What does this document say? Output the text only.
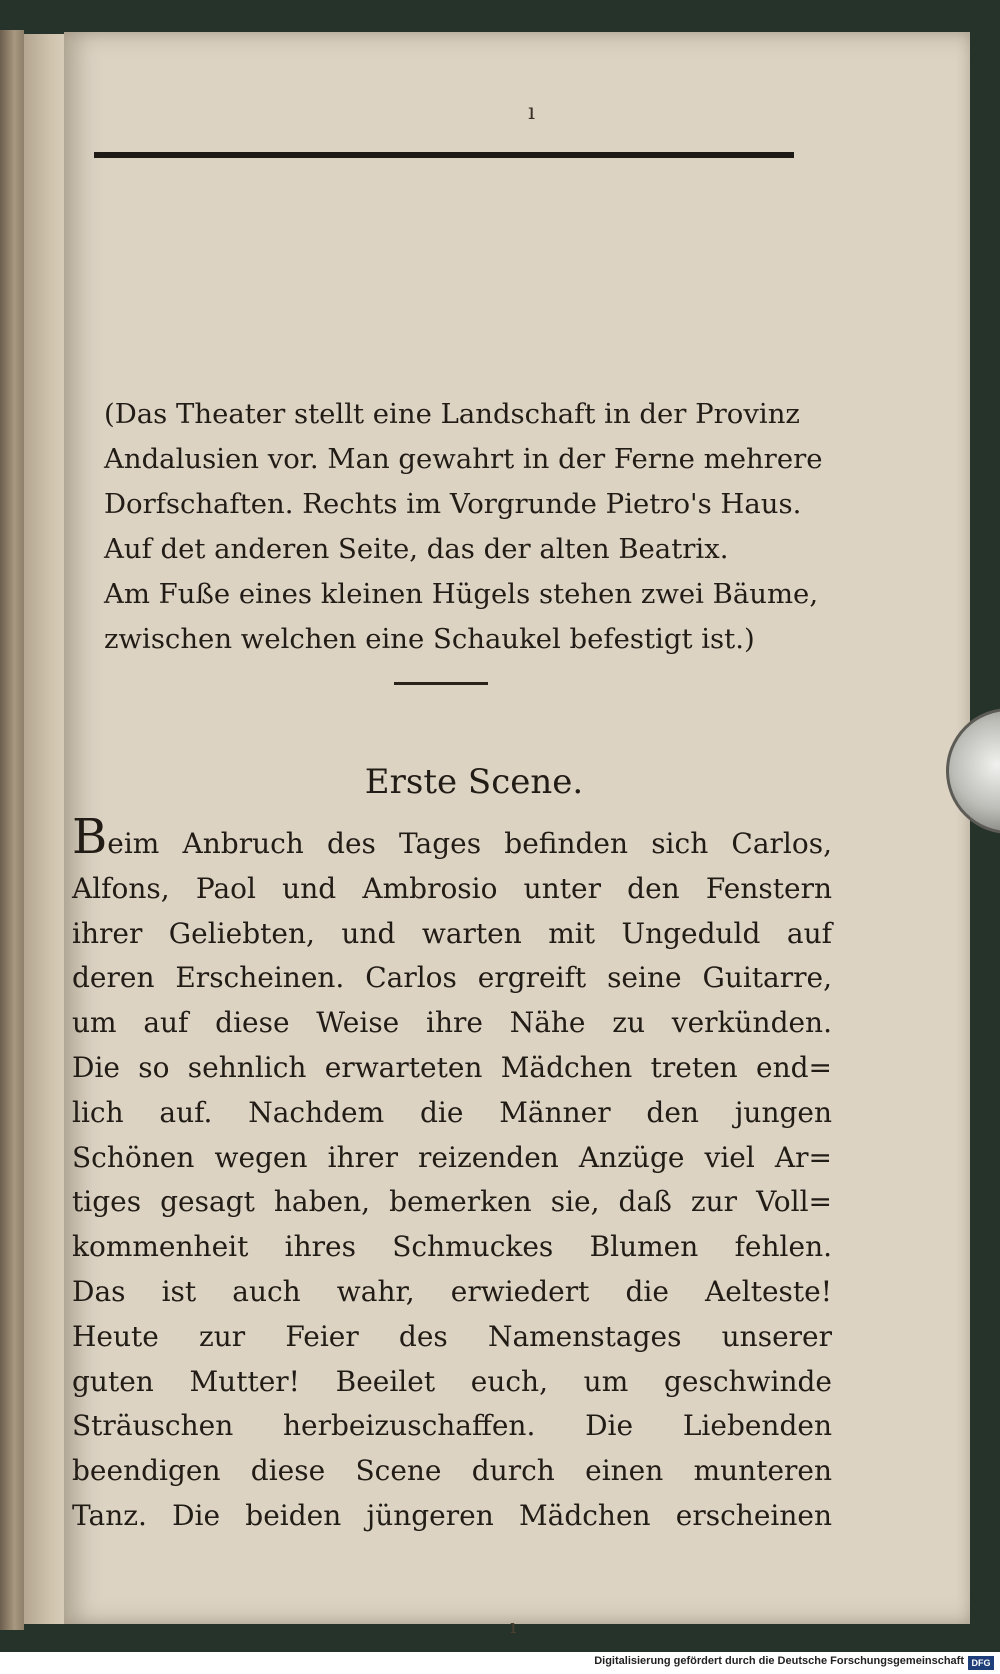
ı

(Das Theater stellt eine Landschaft in der Provinz
Andalusien vor. Man gewahrt in der Ferne mehrere
Dorfschaften. Rechts im Vorgrunde Pietro's Haus.
Auf det anderen Seite, das der alten Beatrix.
Am Fuße eines kleinen Hügels stehen zwei Bäume,
zwischen welchen eine Schaukel befestigt ist.)

Erste Scene.

Beim Anbruch des Tages befinden sich Carlos,
Alfons, Paol und Ambrosio unter den Fenstern
ihrer Geliebten, und warten mit Ungeduld auf
deren Erscheinen. Carlos ergreift seine Guitarre,
um auf diese Weise ihre Nähe zu verkünden.
Die so sehnlich erwarteten Mädchen treten end=
lich auf. Nachdem die Männer den jungen
Schönen wegen ihrer reizenden Anzüge viel Ar=
tiges gesagt haben, bemerken sie, daß zur Voll=
kommenheit ihres Schmuckes Blumen fehlen.
Das ist auch wahr, erwiedert die Aelteste!
Heute zur Feier des Namenstages unserer
guten Mutter! Beeilet euch, um geschwinde
Sträuschen herbeizuschaffen. Die Liebenden
beendigen diese Scene durch einen munteren
Tanz. Die beiden jüngeren Mädchen erscheinen

ı
Digitalisierung gefördert durch die Deutsche Forschungsgemeinschaft DFG
